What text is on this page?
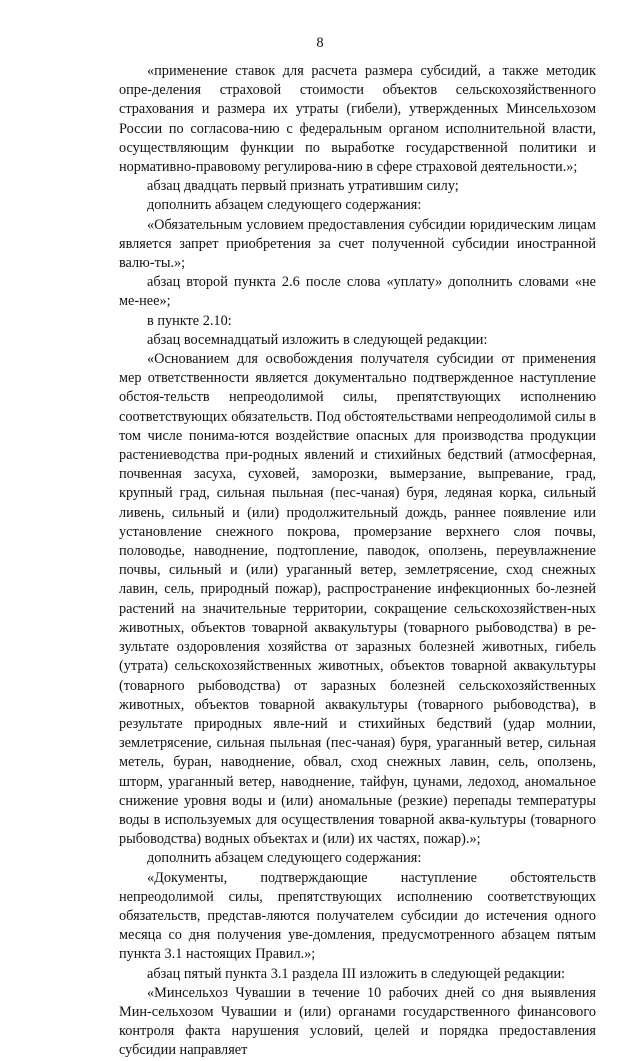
8

«применение ставок для расчета размера субсидий, а также методик опре-деления страховой стоимости объектов сельскохозяйственного страхования и размера их утраты (гибели), утвержденных Минсельхозом России по согласова-нию с федеральным органом исполнительной власти, осуществляющим функции по выработке государственной политики и нормативно-правовому регулирова-нию в сфере страховой деятельности.»;

абзац двадцать первый признать утратившим силу;

дополнить абзацем следующего содержания:

«Обязательным условием предоставления субсидии юридическим лицам является запрет приобретения за счет полученной субсидии иностранной валю-ты.»;

абзац второй пункта 2.6 после слова «уплату» дополнить словами «не ме-нее»;

в пункте 2.10:

абзац восемнадцатый изложить в следующей редакции:

«Основанием для освобождения получателя субсидии от применения мер ответственности является документально подтвержденное наступление обстоя-тельств непреодолимой силы, препятствующих исполнению соответствующих обязательств. Под обстоятельствами непреодолимой силы в том числе понима-ются воздействие опасных для производства продукции растениеводства при-родных явлений и стихийных бедствий (атмосферная, почвенная засуха, суховей, заморозки, вымерзание, выпревание, град, крупный град, сильная пыльная (пес-чаная) буря, ледяная корка, сильный ливень, сильный и (или) продолжительный дождь, раннее появление или установление снежного покрова, промерзание верхнего слоя почвы, половодье, наводнение, подтопление, паводок, оползень, переувлажнение почвы, сильный и (или) ураганный ветер, землетрясение, сход снежных лавин, сель, природный пожар), распространение инфекционных бо-лезней растений на значительные территории, сокращение сельскохозяйствен-ных животных, объектов товарной аквакультуры (товарного рыбоводства) в ре-зультате оздоровления хозяйства от заразных болезней животных, гибель (утрата) сельскохозяйственных животных, объектов товарной аквакультуры (товарного рыбоводства) от заразных болезней сельскохозяйственных животных, объектов товарной аквакультуры (товарного рыбоводства), в результате природных явле-ний и стихийных бедствий (удар молнии, землетрясение, сильная пыльная (пес-чаная) буря, ураганный ветер, сильная метель, буран, наводнение, обвал, сход снежных лавин, сель, оползень, шторм, ураганный ветер, наводнение, тайфун, цунами, ледоход, аномальное снижение уровня воды и (или) аномальные (резкие) перепады температуры воды в используемых для осуществления товарной аква-культуры (товарного рыбоводства) водных объектах и (или) их частях, пожар).»;

дополнить абзацем следующего содержания:

«Документы, подтверждающие наступление обстоятельств непреодолимой силы, препятствующих исполнению соответствующих обязательств, представ-ляются получателем субсидии до истечения одного месяца со дня получения уве-домления, предусмотренного абзацем пятым пункта 3.1 настоящих Правил.»;

абзац пятый пункта 3.1 раздела III изложить в следующей редакции:

«Минсельхоз Чувашии в течение 10 рабочих дней со дня выявления Мин-сельхозом Чувашии и (или) органами государственного финансового контроля факта нарушения условий, целей и порядка предоставления субсидии направляет
